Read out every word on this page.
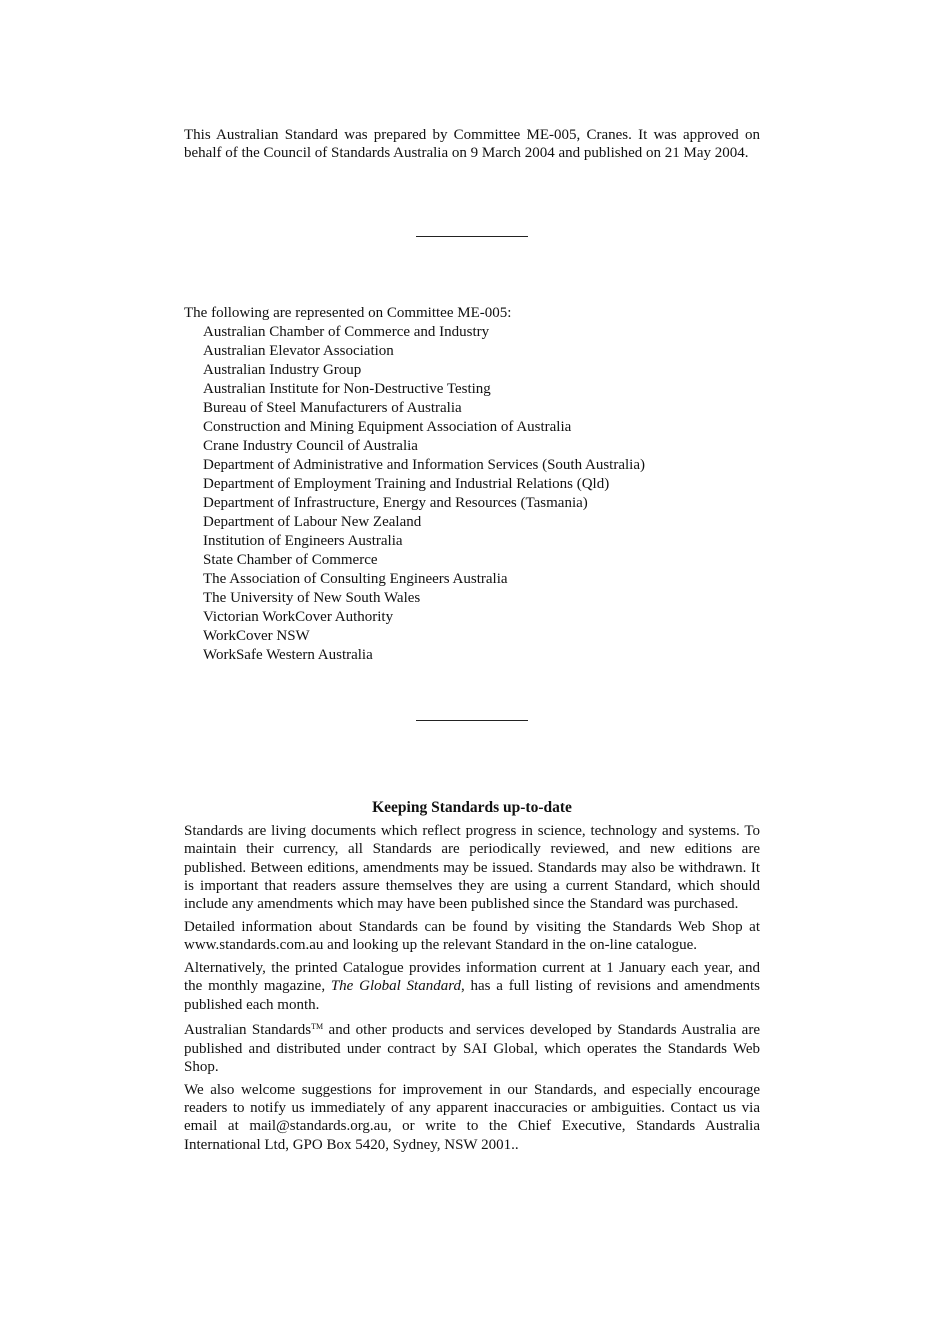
This Australian Standard was prepared by Committee ME-005, Cranes. It was approved on behalf of the Council of Standards Australia on 9 March 2004 and published on 21 May 2004.
The following are represented on Committee ME-005:
Australian Chamber of Commerce and Industry
Australian Elevator Association
Australian Industry Group
Australian Institute for Non-Destructive Testing
Bureau of Steel Manufacturers of Australia
Construction and Mining Equipment Association of Australia
Crane Industry Council of Australia
Department of Administrative and Information Services (South Australia)
Department of Employment Training and Industrial Relations (Qld)
Department of Infrastructure, Energy and Resources (Tasmania)
Department of Labour New Zealand
Institution of Engineers Australia
State Chamber of Commerce
The Association of Consulting Engineers Australia
The University of New South Wales
Victorian WorkCover Authority
WorkCover NSW
WorkSafe Western Australia
Keeping Standards up-to-date

Standards are living documents which reflect progress in science, technology and systems. To maintain their currency, all Standards are periodically reviewed, and new editions are published. Between editions, amendments may be issued. Standards may also be withdrawn. It is important that readers assure themselves they are using a current Standard, which should include any amendments which may have been published since the Standard was purchased.

Detailed information about Standards can be found by visiting the Standards Web Shop at www.standards.com.au and looking up the relevant Standard in the on-line catalogue.

Alternatively, the printed Catalogue provides information current at 1 January each year, and the monthly magazine, The Global Standard, has a full listing of revisions and amendments published each month.

Australian Standards™ and other products and services developed by Standards Australia are published and distributed under contract by SAI Global, which operates the Standards Web Shop.

We also welcome suggestions for improvement in our Standards, and especially encourage readers to notify us immediately of any apparent inaccuracies or ambiguities. Contact us via email at mail@standards.org.au, or write to the Chief Executive, Standards Australia International Ltd, GPO Box 5420, Sydney, NSW 2001..
